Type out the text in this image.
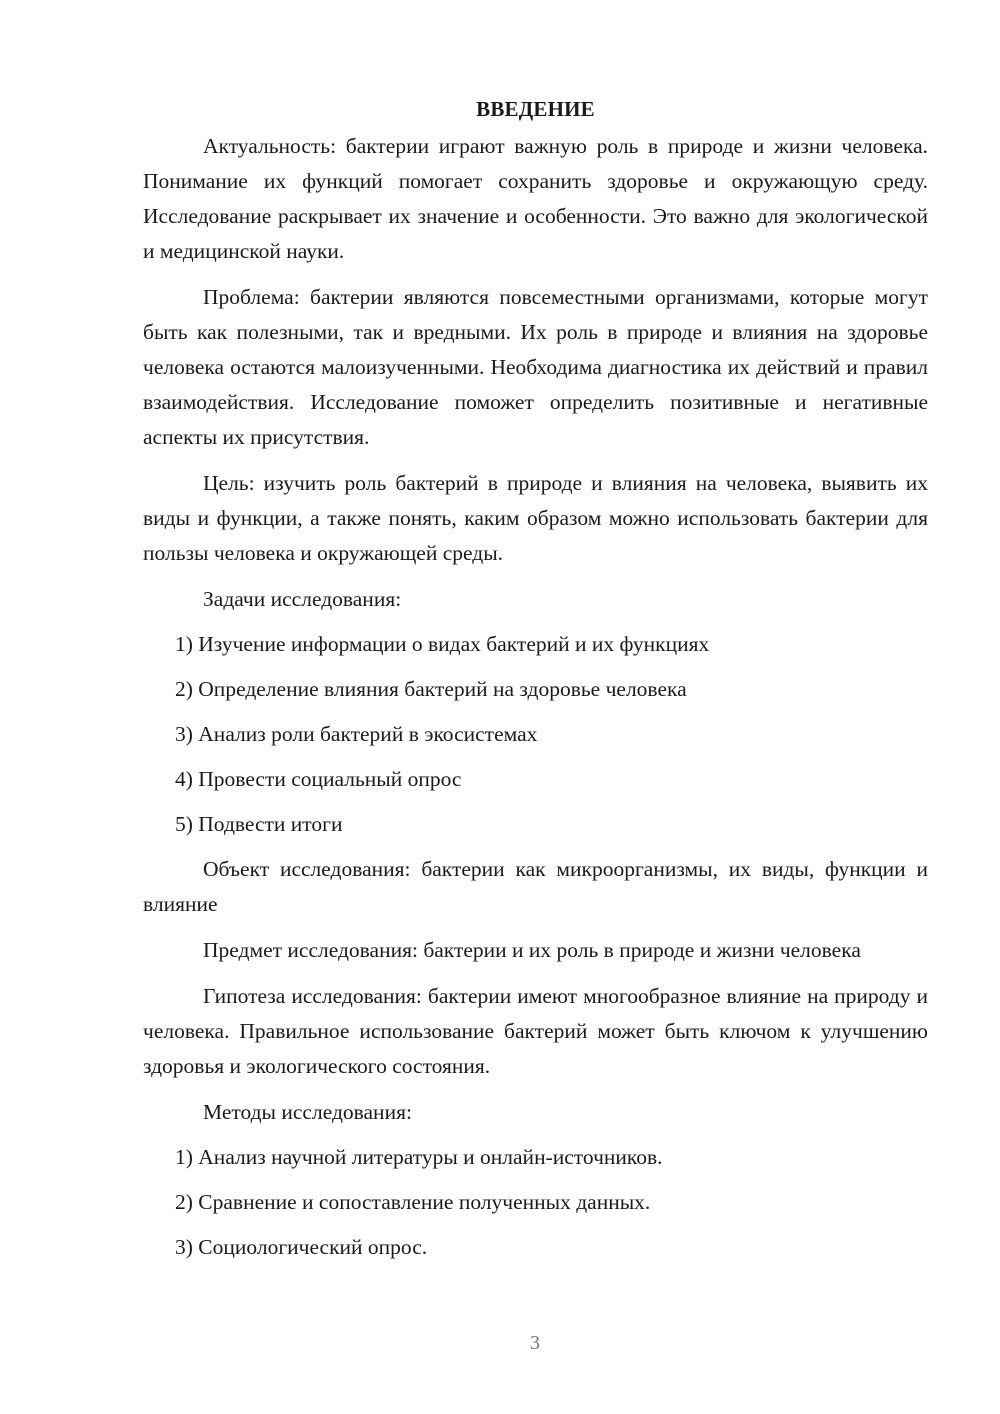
ВВЕДЕНИЕ
Актуальность: бактерии играют важную роль в природе и жизни человека. Понимание их функций помогает сохранить здоровье и окружающую среду. Исследование раскрывает их значение и особенности. Это важно для экологической и медицинской науки.
Проблема: бактерии являются повсеместными организмами, которые могут быть как полезными, так и вредными. Их роль в природе и влияния на здоровье человека остаются малоизученными. Необходима диагностика их действий и правил взаимодействия. Исследование поможет определить позитивные и негативные аспекты их присутствия.
Цель: изучить роль бактерий в природе и влияния на человека, выявить их виды и функции, а также понять, каким образом можно использовать бактерии для пользы человека и окружающей среды.
Задачи исследования:
1) Изучение информации о видах бактерий и их функциях
2) Определение влияния бактерий на здоровье человека
3) Анализ роли бактерий в экосистемах
4) Провести социальный опрос
5) Подвести итоги
Объект исследования: бактерии как микроорганизмы, их виды, функции и влияние
Предмет исследования: бактерии и их роль в природе и жизни человека
Гипотеза исследования: бактерии имеют многообразное влияние на природу и человека. Правильное использование бактерий может быть ключом к улучшению здоровья и экологического состояния.
Методы исследования:
1) Анализ научной литературы и онлайн-источников.
2) Сравнение и сопоставление полученных данных.
3) Социологический опрос.
3
